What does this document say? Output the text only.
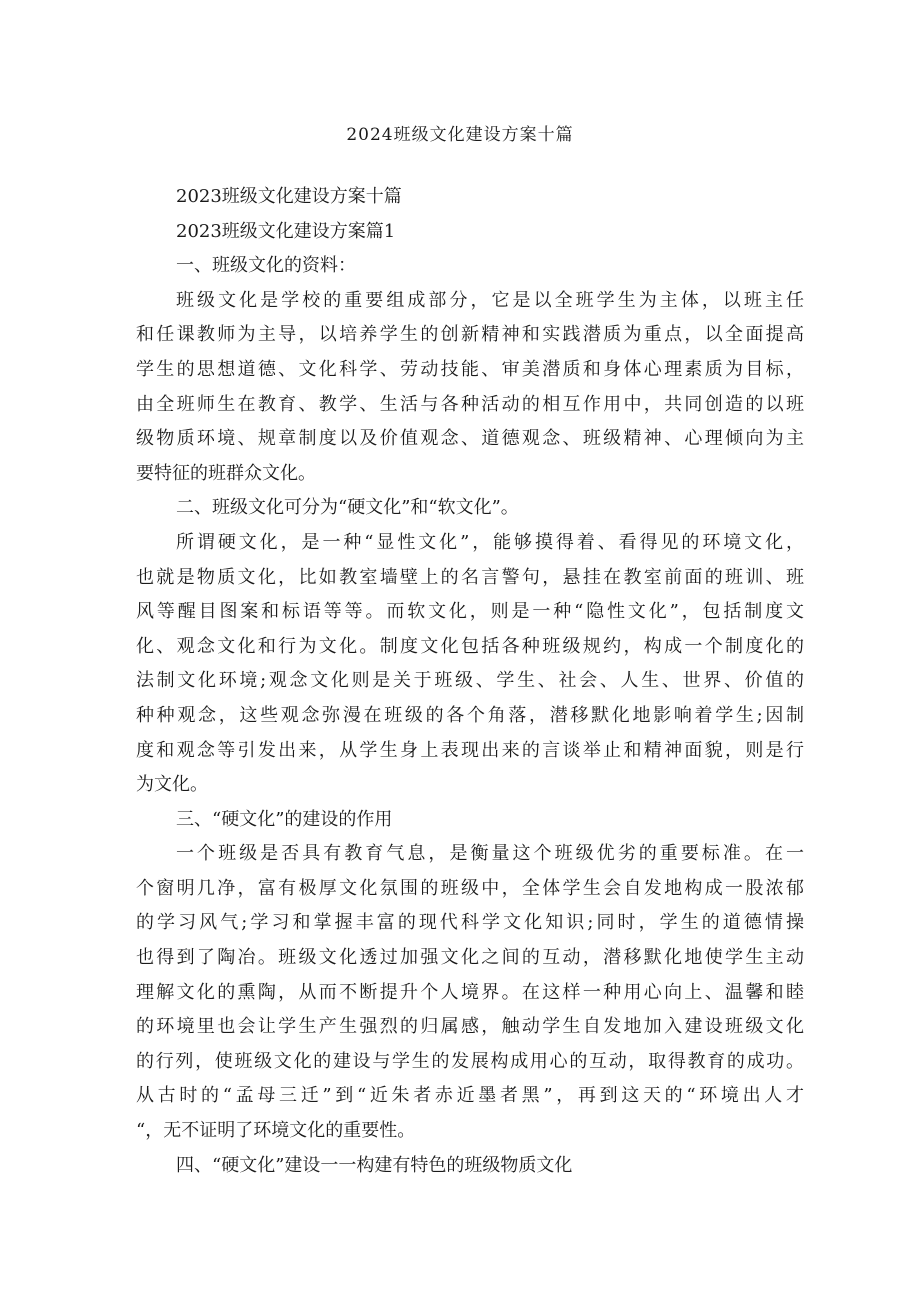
2024班级文化建设方案十篇
2023班级文化建设方案十篇
2023班级文化建设方案篇1
一、班级文化的资料：
班级文化是学校的重要组成部分，它是以全班学生为主体，以班主任
和任课教师为主导，以培养学生的创新精神和实践潜质为重点，以全面提高
学生的思想道德、文化科学、劳动技能、审美潜质和身体心理素质为目标，
由全班师生在教育、教学、生活与各种活动的相互作用中，共同创造的以班
级物质环境、规章制度以及价值观念、道德观念、班级精神、心理倾向为主
要特征的班群众文化。
二、班级文化可分为“硬文化”和“软文化”。
所谓硬文化，是一种“显性文化”，能够摸得着、看得见的环境文化，
也就是物质文化，比如教室墙壁上的名言警句，悬挂在教室前面的班训、班
风等醒目图案和标语等等。而软文化，则是一种“隐性文化”，包括制度文
化、观念文化和行为文化。制度文化包括各种班级规约，构成一个制度化的
法制文化环境;观念文化则是关于班级、学生、社会、人生、世界、价值的
种种观念，这些观念弥漫在班级的各个角落，潜移默化地影响着学生;因制
度和观念等引发出来，从学生身上表现出来的言谈举止和精神面貌，则是行
为文化。
三、“硬文化”的建设的作用
一个班级是否具有教育气息，是衡量这个班级优劣的重要标准。在一
个窗明几净，富有极厚文化氛围的班级中，全体学生会自发地构成一股浓郁
的学习风气;学习和掌握丰富的现代科学文化知识;同时，学生的道德情操
也得到了陶冶。班级文化透过加强文化之间的互动，潜移默化地使学生主动
理解文化的熏陶，从而不断提升个人境界。在这样一种用心向上、温馨和睦
的环境里也会让学生产生强烈的归属感，触动学生自发地加入建设班级文化
的行列，使班级文化的建设与学生的发展构成用心的互动，取得教育的成功。
从古时的“孟母三迁”到“近朱者赤近墨者黑”，再到这天的“环境出人才
“，无不证明了环境文化的重要性。
四、“硬文化”建设一一构建有特色的班级物质文化
